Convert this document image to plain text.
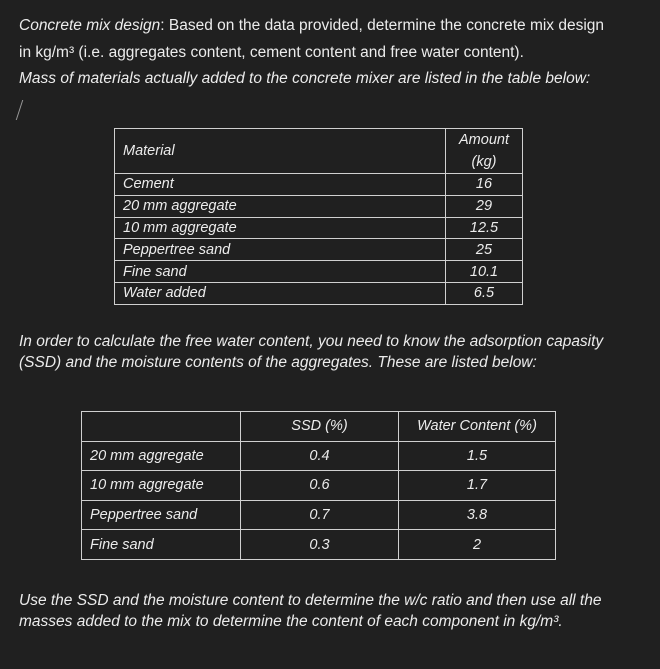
Concrete mix design: Based on the data provided, determine the concrete mix design

in kg/m³ (i.e. aggregates content, cement content and free water content).

Mass of materials actually added to the concrete mixer are listed in the table below:

Material	Amount
(kg)
Cement	16
20 mm aggregate	29
10 mm aggregate	12.5
Peppertree sand	25
Fine sand	10.1
Water added	6.5

In order to calculate the free water content, you need to know the adsorption capasity

(SSD) and the moisture contents of the aggregates. These are listed below:

	SSD (%)	Water Content (%)
20 mm aggregate	0.4	1.5
10 mm aggregate	0.6	1.7
Peppertree sand	0.7	3.8
Fine sand	0.3	2

Use the SSD and the moisture content to determine the w/c ratio and then use all the

masses added to the mix to determine the content of each component in kg/m³.
